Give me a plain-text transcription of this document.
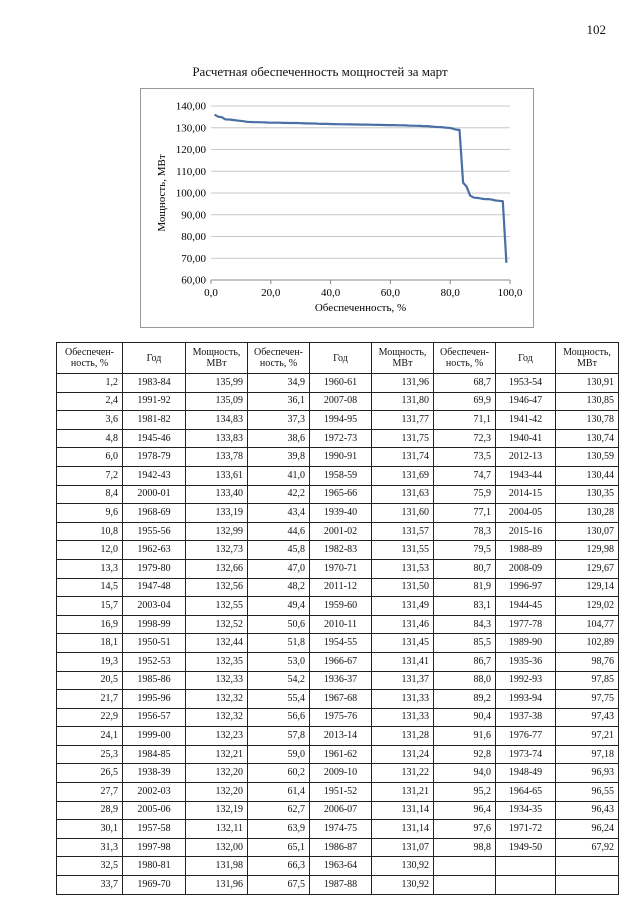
102
Расчетная обеспеченность мощностей за март
60,00
70,00
80,00
90,00
100,00
110,00
120,00
130,00
140,00
0,0	20,0	40,0	60,0	80,0	100,0
Обеспеченность, %
Мощность, МВт
Обеспечен-ность, %	Год	Мощность, МВт	Обеспечен-ность, %	Год	Мощность, МВт	Обеспечен-ность, %	Год	Мощность, МВт
1,2	1983-84	135,99	34,9	1960-61	131,96	68,7	1953-54	130,91
2,4	1991-92	135,09	36,1	2007-08	131,80	69,9	1946-47	130,85
3,6	1981-82	134,83	37,3	1994-95	131,77	71,1	1941-42	130,78
4,8	1945-46	133,83	38,6	1972-73	131,75	72,3	1940-41	130,74
6,0	1978-79	133,78	39,8	1990-91	131,74	73,5	2012-13	130,59
7,2	1942-43	133,61	41,0	1958-59	131,69	74,7	1943-44	130,44
8,4	2000-01	133,40	42,2	1965-66	131,63	75,9	2014-15	130,35
9,6	1968-69	133,19	43,4	1939-40	131,60	77,1	2004-05	130,28
10,8	1955-56	132,99	44,6	2001-02	131,57	78,3	2015-16	130,07
12,0	1962-63	132,73	45,8	1982-83	131,55	79,5	1988-89	129,98
13,3	1979-80	132,66	47,0	1970-71	131,53	80,7	2008-09	129,67
14,5	1947-48	132,56	48,2	2011-12	131,50	81,9	1996-97	129,14
15,7	2003-04	132,55	49,4	1959-60	131,49	83,1	1944-45	129,02
16,9	1998-99	132,52	50,6	2010-11	131,46	84,3	1977-78	104,77
18,1	1950-51	132,44	51,8	1954-55	131,45	85,5	1989-90	102,89
19,3	1952-53	132,35	53,0	1966-67	131,41	86,7	1935-36	98,76
20,5	1985-86	132,33	54,2	1936-37	131,37	88,0	1992-93	97,85
21,7	1995-96	132,32	55,4	1967-68	131,33	89,2	1993-94	97,75
22,9	1956-57	132,32	56,6	1975-76	131,33	90,4	1937-38	97,43
24,1	1999-00	132,23	57,8	2013-14	131,28	91,6	1976-77	97,21
25,3	1984-85	132,21	59,0	1961-62	131,24	92,8	1973-74	97,18
26,5	1938-39	132,20	60,2	2009-10	131,22	94,0	1948-49	96,93
27,7	2002-03	132,20	61,4	1951-52	131,21	95,2	1964-65	96,55
28,9	2005-06	132,19	62,7	2006-07	131,14	96,4	1934-35	96,43
30,1	1957-58	132,11	63,9	1974-75	131,14	97,6	1971-72	96,24
31,3	1997-98	132,00	65,1	1986-87	131,07	98,8	1949-50	67,92
32,5	1980-81	131,98	66,3	1963-64	130,92			
33,7	1969-70	131,96	67,5	1987-88	130,92			
